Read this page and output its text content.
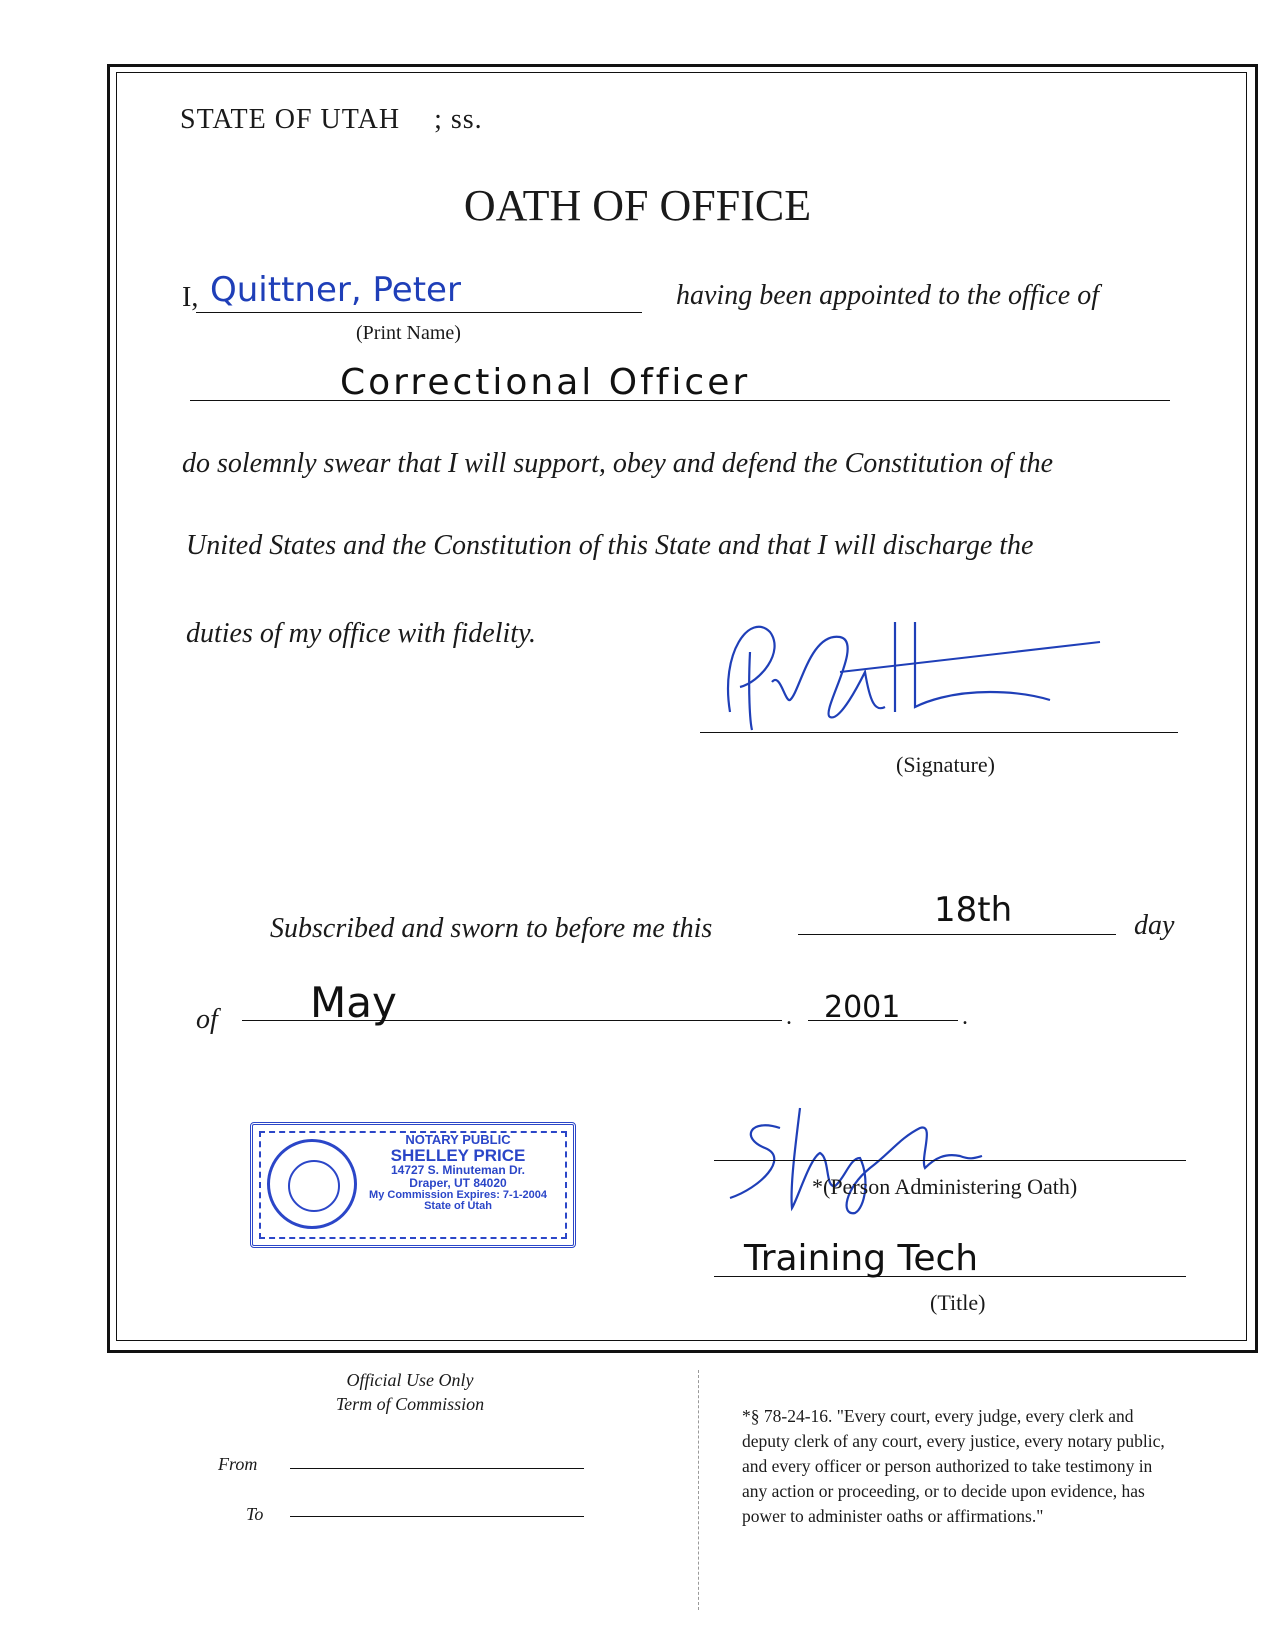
STATE OF UTAH ; ss.
OATH OF OFFICE
I, Quittner, Peter
(Print Name)
having been appointed to the office of
Correctional Officer
do solemnly swear that I will support, obey and defend the Constitution of the
United States and the Constitution of this State and that I will discharge the
duties of my office with fidelity.
(Signature)
Subscribed and sworn to before me this	18th	day
of May	. 2001	.
NOTARY PUBLIC
SHELLEY PRICE
14727 S. Minuteman Dr.
Draper, UT 84020
My Commission Expires: 7-1-2004
State of Utah
*(Person Administering Oath)
Training Tech
(Title)
Official Use Only
Term of Commission
From
To
*§ 78-24-16. "Every court, every judge, every clerk and
deputy clerk of any court, every justice, every notary public,
and every officer or person authorized to take testimony in
any action or proceeding, or to decide upon evidence, has
power to administer oaths or affirmations."
